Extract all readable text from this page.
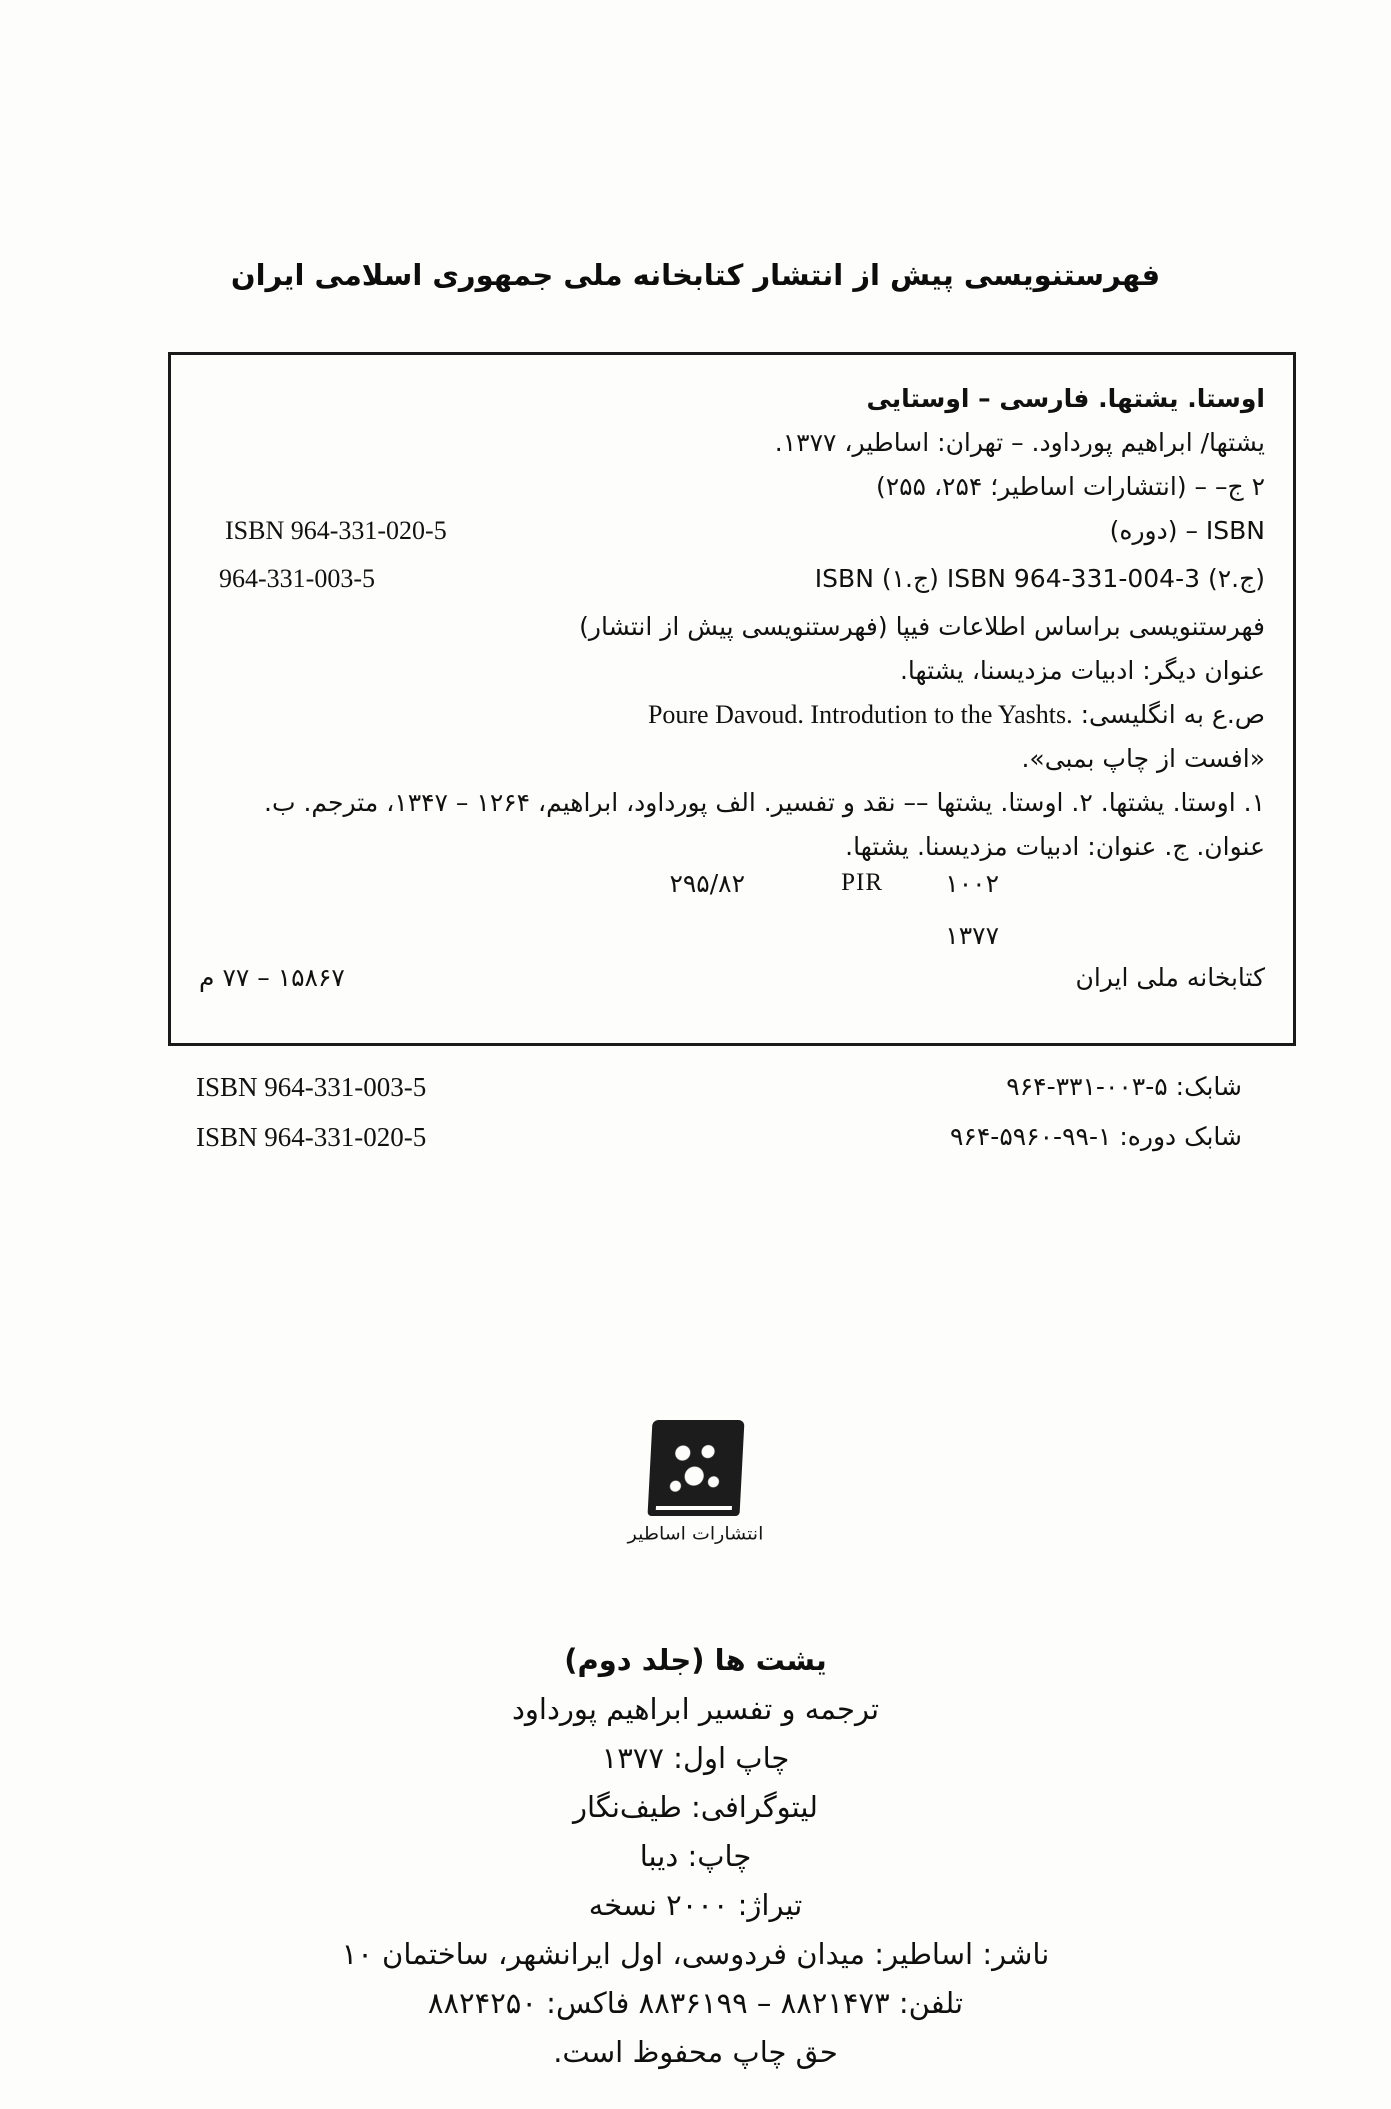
فهرستنویسی پیش از انتشار کتابخانه ملی جمهوری اسلامی ایران
اوستا. یشتها. فارسی – اوستایی
یشتها/ ابراهیم پورداود. – تهران: اساطیر، ۱۳۷۷.
۲ ج– – (انتشارات اساطیر؛ ۲۵۴، ۲۵۵)
ISBN – (دوره)
ISBN 964-331-020-5
(ج.۲) ISBN 964-331-004-3 (ج.۱) ISBN
964-331-003-5
فهرستنویسی براساس اطلاعات فیپا (فهرستنویسی پیش از انتشار)
عنوان دیگر: ادبیات مزدیسنا، یشتها.
ص.ع به انگلیسی: Poure Davoud. Introdution to the Yashts.
«افست از چاپ بمبی».
۱. اوستا. یشتها. ۲. اوستا. یشتها –– نقد و تفسیر. الف پورداود، ابراهیم، ۱۲۶۴ – ۱۳۴۷، مترجم. ب.
عنوان. ج. عنوان: ادبیات مزدیسنا. یشتها.
۲۹۵/۸۲	PIR ۱۰۰۲
۱۳۷۷
کتابخانه ملی ایران
۱۵۸۶۷ – ۷۷ م
شابک: ۵-۰۰۳-۳۳۱-۹۶۴
ISBN 964-331-003-5
شابک دوره: ۱-۹۹-۵۹۶۰-۹۶۴
ISBN 964-331-020-5
انتشارات اساطیر
یشت ها (جلد دوم)
ترجمه و تفسیر ابراهیم پورداود
چاپ اول: ۱۳۷۷
لیتوگرافی: طیف‌نگار
چاپ: دیبا
تیراژ: ۲۰۰۰ نسخه
ناشر: اساطیر: میدان فردوسی، اول ایرانشهر، ساختمان ۱۰
تلفن: ۸۸۲۱۴۷۳ – ۸۸۳۶۱۹۹ فاکس: ۸۸۲۴۲۵۰
حق چاپ محفوظ است.
